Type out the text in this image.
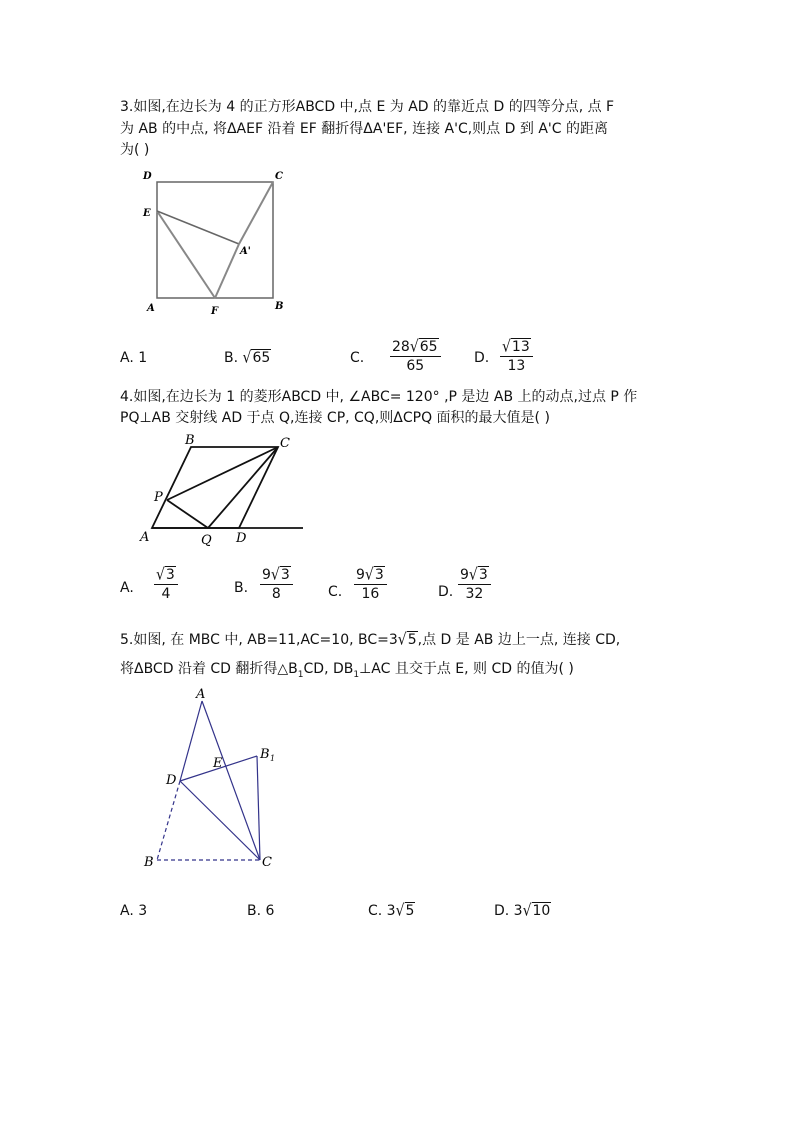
3.如图,在边长为 4 的正方形ABCD 中,点 E 为 AD 的靠近点 D 的四等分点, 点 F
为 AB 的中点, 将ΔAEF 沿着 EF 翻折得ΔA'EF, 连接 A'C,则点 D 到 A'C 的距离
为( )
D	C
E
A'
A	F	B
A. 1	B. √65	C. $\frac{28√65}{65} D$. $\frac{√13}{13}$
4.如图,在边长为 1 的菱形ABCD 中, ∠ABC= 120° ,P 是边 AB 上的动点,过点 P 作
PQ⊥AB 交射线 AD 于点 Q,连接 CP, CQ,则ΔCPQ 面积的最大值是( )
B	C
P
A	Q D
A. $\frac{√3}{4}$	B. $\frac{9√3}{8}$	C. $\frac{9√3}{16}$	D. $\frac{9√3}{32}$
5.如图, 在 MBC 中, AB=11,AC=10, BC=3√5,点 D 是 AB 边上一点, 连接 CD,
将ΔBCD 沿着 CD 翻折得$\triangle B_1CD$, $DB_1\perp AC$ 且交于点 E, 则 CD 的值为( )
A
B 1
E
D
B	C
A. 3	B. 6	C. 3√5	D. 3√10
